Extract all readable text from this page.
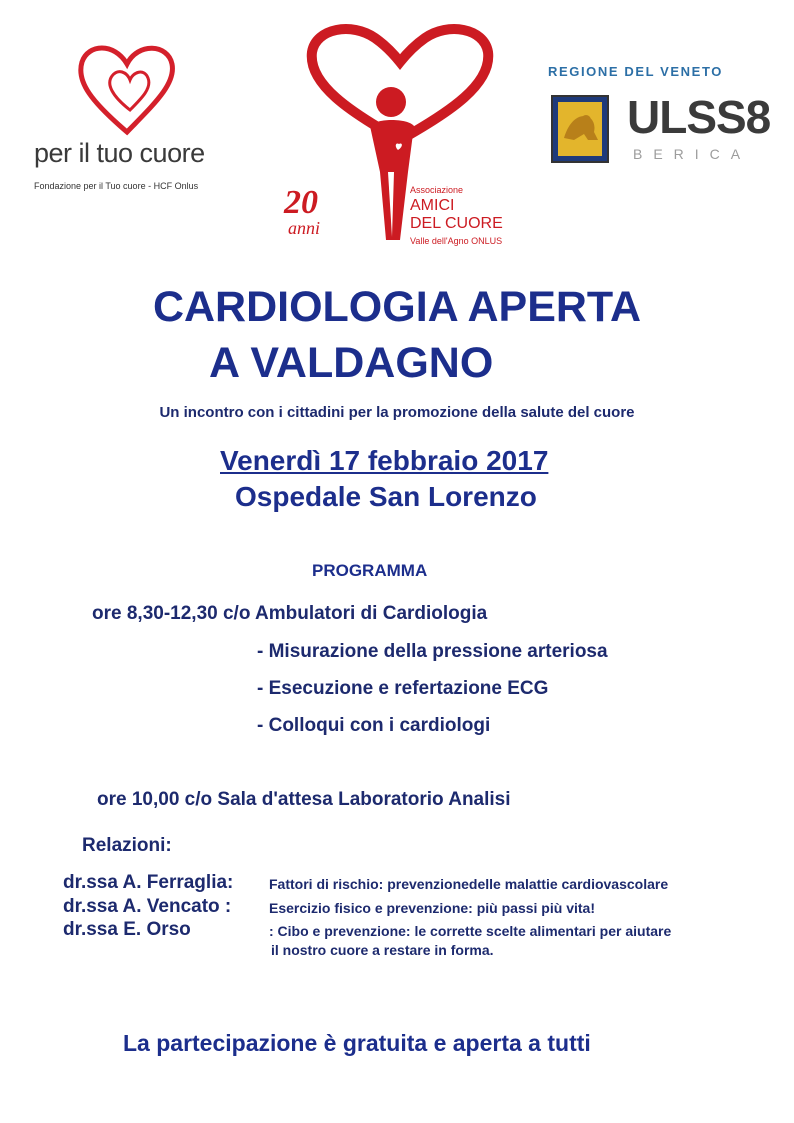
per il tuo cuore
Fondazione per il Tuo cuore - HCF Onlus	20
anni
Associazione
AMICI
DEL CUORE
Valle dell'Agno ONLUS
REGIONE DEL VENETO
ULSS8
BERICA
CARDIOLOGIA APERTA
A VALDAGNO
Un incontro con i cittadini per la promozione della salute del cuore
Venerdì 17 febbraio 2017
Ospedale San Lorenzo
PROGRAMMA
ore 8,30-12,30 c/o Ambulatori di Cardiologia
- Misurazione della pressione arteriosa
- Esecuzione e refertazione ECG
- Colloqui con i cardiologi
ore 10,00 c/o Sala d'attesa Laboratorio Analisi
Relazioni:
dr.ssa A. Ferraglia:	Fattori di rischio: prevenzionedelle malattie cardiovascolare
dr.ssa A. Vencato :	Esercizio fisico e prevenzione: più passi più vita!
dr.ssa E. Orso	: Cibo e prevenzione: le corrette scelte alimentari per aiutare
il nostro cuore a restare in forma.
La partecipazione è gratuita e aperta a tutti
